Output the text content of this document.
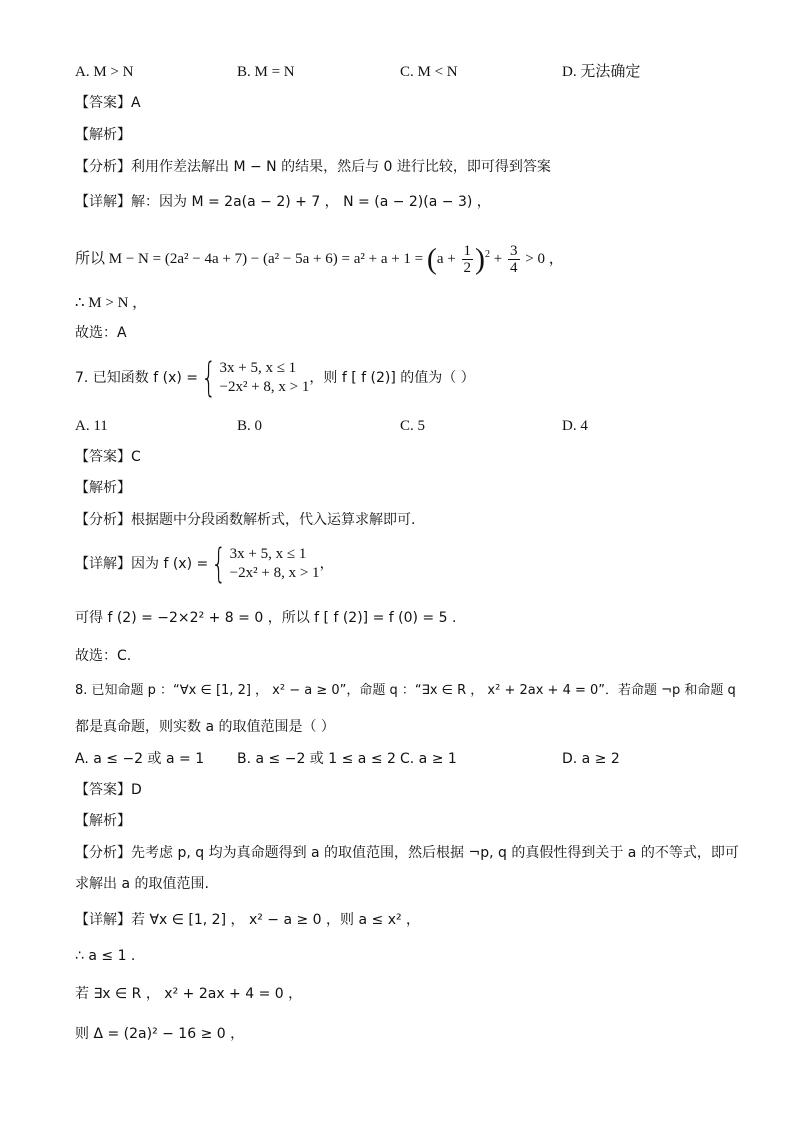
A. M > N	B. M = N	C. M < N	D. 无法确定
【答案】A
【解析】
【分析】利用作差法解出 M − N 的结果，然后与 0 进行比较，即可得到答案
【详解】解：因为 M = 2a(a − 2) + 7 ， N = (a − 2)(a − 3) ，
所以 $M - N = (2a^2 - 4a + 7) - (a^2 - 5a + 6) = a^2 + a + 1 = (a + \frac{1}{2} )^2 + \frac{3}{4} > 0$ ，
∴ M > N ，
故选：A
7. 已知函数 f (x) = { 3x + 5, x ≤ 1
−2x² + 8, x > 1
，则 f [ f (2)] 的值为（ ）
A. 11	B. 0	C. 5	D. 4
【答案】C
【解析】
【分析】根据题中分段函数解析式，代入运算求解即可.
【详解】因为 f (x) = { 3x + 5, x ≤ 1
−2x² + 8, x > 1
，
可得 f (2) = −2×2² + 8 = 0 ，所以 f [ f (2)] = f (0) = 5 .
故选：C.
8. 已知命题 p ：“∀x ∈ [1, 2] ， x² − a ≥ 0”，命题 q ：“∃x ∈ R ， x² + 2ax + 4 = 0”．若命题 ¬p 和命题 q
都是真命题，则实数 a 的取值范围是（ ）
A. a ≤ −2 或 a = 1 B. a ≤ −2 或 1 ≤ a ≤ 2 C. a ≥ 1	D. a ≥ 2
【答案】D
【解析】
【分析】先考虑 p, q 均为真命题得到 a 的取值范围，然后根据 ¬p, q 的真假性得到关于 a 的不等式，即可
求解出 a 的取值范围.
【详解】若 ∀x ∈ [1, 2] ， x² − a ≥ 0 ，则 a ≤ x² ，
∴ a ≤ 1 .
若 ∃x ∈ R ， x² + 2ax + 4 = 0 ，
则 Δ = (2a)² − 16 ≥ 0 ，
